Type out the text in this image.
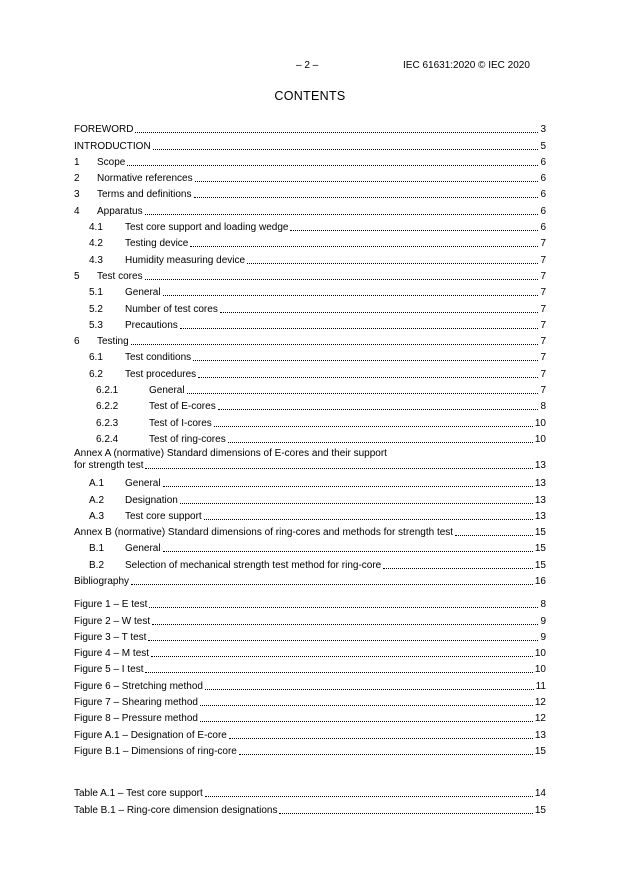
– 2 –	IEC 61631:2020 © IEC 2020
CONTENTS
FOREWORD	3
INTRODUCTION	5
1	Scope	6
2	Normative references	6
3	Terms and definitions	6
4	Apparatus	6
4.1	Test core support and loading wedge	6
4.2	Testing device	7
4.3	Humidity measuring device	7
5	Test cores	7
5.1	General	7
5.2	Number of test cores	7
5.3	Precautions	7
6	Testing	7
6.1	Test conditions	7
6.2	Test procedures	7
6.2.1	General	7
6.2.2	Test of E-cores	8
6.2.3	Test of I-cores	10
6.2.4	Test of ring-cores	10
Annex A (normative) Standard dimensions of E-cores and their support
for strength test	13
A.1	General	13
A.2	Designation	13
A.3	Test core support	13
Annex B (normative) Standard dimensions of ring-cores and methods for strength test	15
B.1	General	15
B.2	Selection of mechanical strength test method for ring-core	15
Bibliography	16
Figure 1 – E test	8
Figure 2 – W test	9
Figure 3 – T test	9
Figure 4 – M test	10
Figure 5 – I test	10
Figure 6 – Stretching method	11
Figure 7 – Shearing method	12
Figure 8 – Pressure method	12
Figure A.1 – Designation of E-core	13
Figure B.1 – Dimensions of ring-core	15
Table A.1 – Test core support	14
Table B.1 – Ring-core dimension designations	15
